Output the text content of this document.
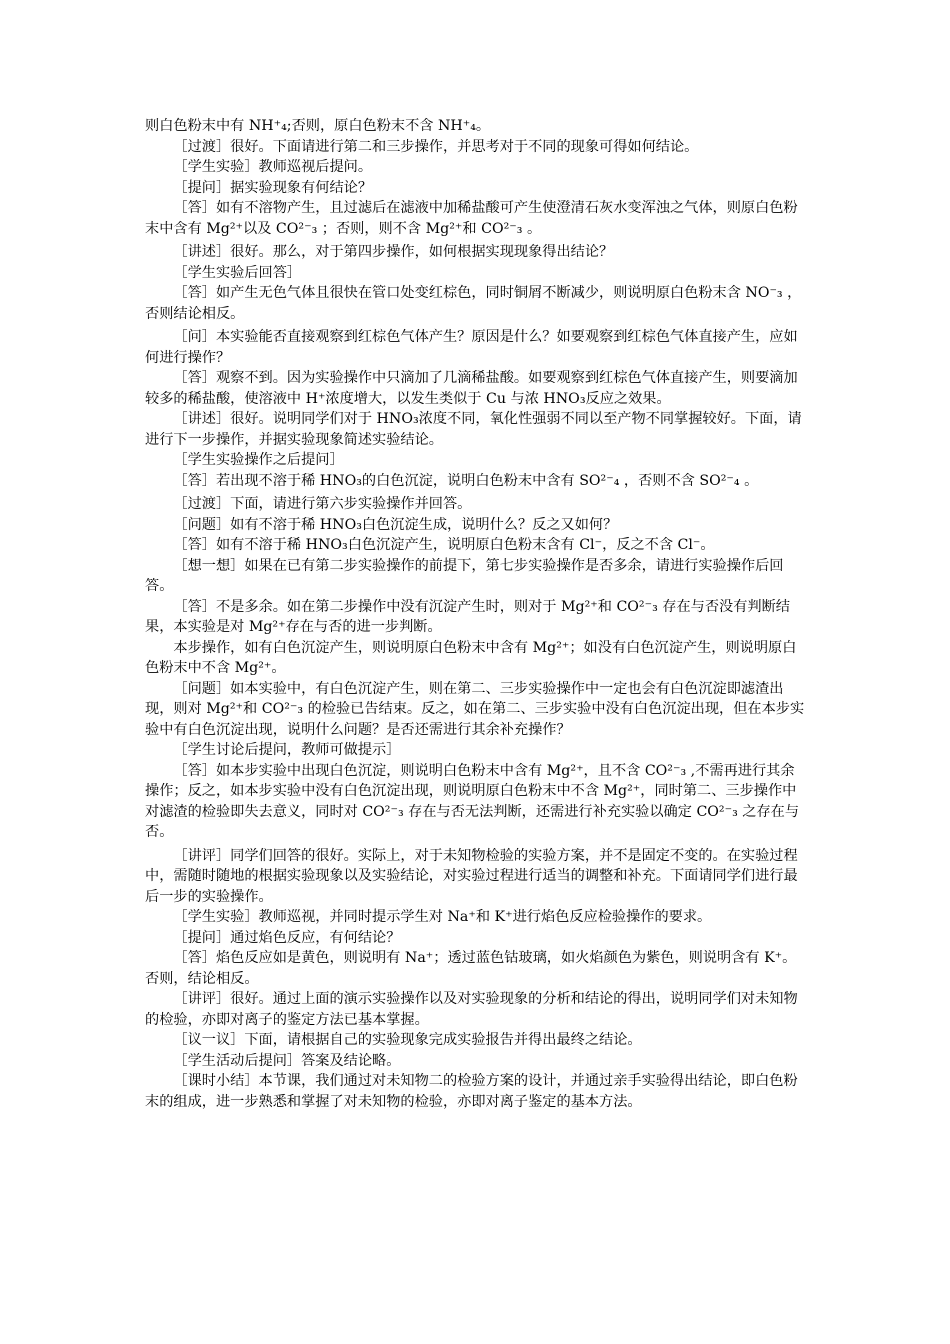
则白色粉末中有 NH⁺₄;否则，原白色粉末不含 NH⁺₄。

［过渡］很好。下面请进行第二和三步操作，并思考对于不同的现象可得如何结论。

［学生实验］教师巡视后提问。

［提问］据实验现象有何结论？

［答］如有不溶物产生，且过滤后在滤液中加稀盐酸可产生使澄清石灰水变浑浊之气体，则原白色粉末中含有 Mg²⁺以及 CO²⁻₃ ；否则，则不含 Mg²⁺和 CO²⁻₃ 。

［讲述］很好。那么，对于第四步操作，如何根据实现现象得出结论？

［学生实验后回答］

［答］如产生无色气体且很快在管口处变红棕色，同时铜屑不断减少，则说明原白色粉末含 NO⁻₃ ，否则结论相反。

［问］本实验能否直接观察到红棕色气体产生？原因是什么？如要观察到红棕色气体直接产生，应如何进行操作？

［答］观察不到。因为实验操作中只滴加了几滴稀盐酸。如要观察到红棕色气体直接产生，则要滴加较多的稀盐酸，使溶液中 H⁺浓度增大，以发生类似于 Cu 与浓 HNO₃反应之效果。

［讲述］很好。说明同学们对于 HNO₃浓度不同，氧化性强弱不同以至产物不同掌握较好。下面，请进行下一步操作，并据实验现象简述实验结论。

［学生实验操作之后提问］

［答］若出现不溶于稀 HNO₃的白色沉淀，说明白色粉末中含有 SO²⁻₄ ，否则不含 SO²⁻₄ 。

［过渡］下面，请进行第六步实验操作并回答。

［问题］如有不溶于稀 HNO₃白色沉淀生成，说明什么？反之又如何？

［答］如有不溶于稀 HNO₃白色沉淀产生，说明原白色粉末含有 Cl⁻，反之不含 Cl⁻。

［想一想］如果在已有第二步实验操作的前提下，第七步实验操作是否多余，请进行实验操作后回答。

［答］不是多余。如在第二步操作中没有沉淀产生时，则对于 Mg²⁺和 CO²⁻₃ 存在与否没有判断结果，本实验是对 Mg²⁺存在与否的进一步判断。

本步操作，如有白色沉淀产生，则说明原白色粉末中含有 Mg²⁺；如没有白色沉淀产生，则说明原白色粉末中不含 Mg²⁺。

［问题］如本实验中，有白色沉淀产生，则在第二、三步实验操作中一定也会有白色沉淀即滤渣出现，则对 Mg²⁺和 CO²⁻₃ 的检验已告结束。反之，如在第二、三步实验中没有白色沉淀出现，但在本步实验中有白色沉淀出现，说明什么问题？是否还需进行其余补充操作？

［学生讨论后提问，教师可做提示］

［答］如本步实验中出现白色沉淀，则说明白色粉末中含有 Mg²⁺，且不含 CO²⁻₃ ,不需再进行其余操作；反之，如本步实验中没有白色沉淀出现，则说明原白色粉末中不含 Mg²⁺，同时第二、三步操作中对滤渣的检验即失去意义，同时对 CO²⁻₃ 存在与否无法判断，还需进行补充实验以确定 CO²⁻₃ 之存在与否。

［讲评］同学们回答的很好。实际上，对于未知物检验的实验方案，并不是固定不变的。在实验过程中，需随时随地的根据实验现象以及实验结论，对实验过程进行适当的调整和补充。下面请同学们进行最后一步的实验操作。

［学生实验］教师巡视，并同时提示学生对 Na⁺和 K⁺进行焰色反应检验操作的要求。

［提问］通过焰色反应，有何结论？

［答］焰色反应如是黄色，则说明有 Na⁺；透过蓝色钴玻璃，如火焰颜色为紫色，则说明含有 K⁺。否则，结论相反。

［讲评］很好。通过上面的演示实验操作以及对实验现象的分析和结论的得出，说明同学们对未知物的检验，亦即对离子的鉴定方法已基本掌握。

［议一议］下面，请根据自己的实验现象完成实验报告并得出最终之结论。

［学生活动后提问］答案及结论略。

［课时小结］本节课，我们通过对未知物二的检验方案的设计，并通过亲手实验得出结论，即白色粉末的组成，进一步熟悉和掌握了对未知物的检验，亦即对离子鉴定的基本方法。
